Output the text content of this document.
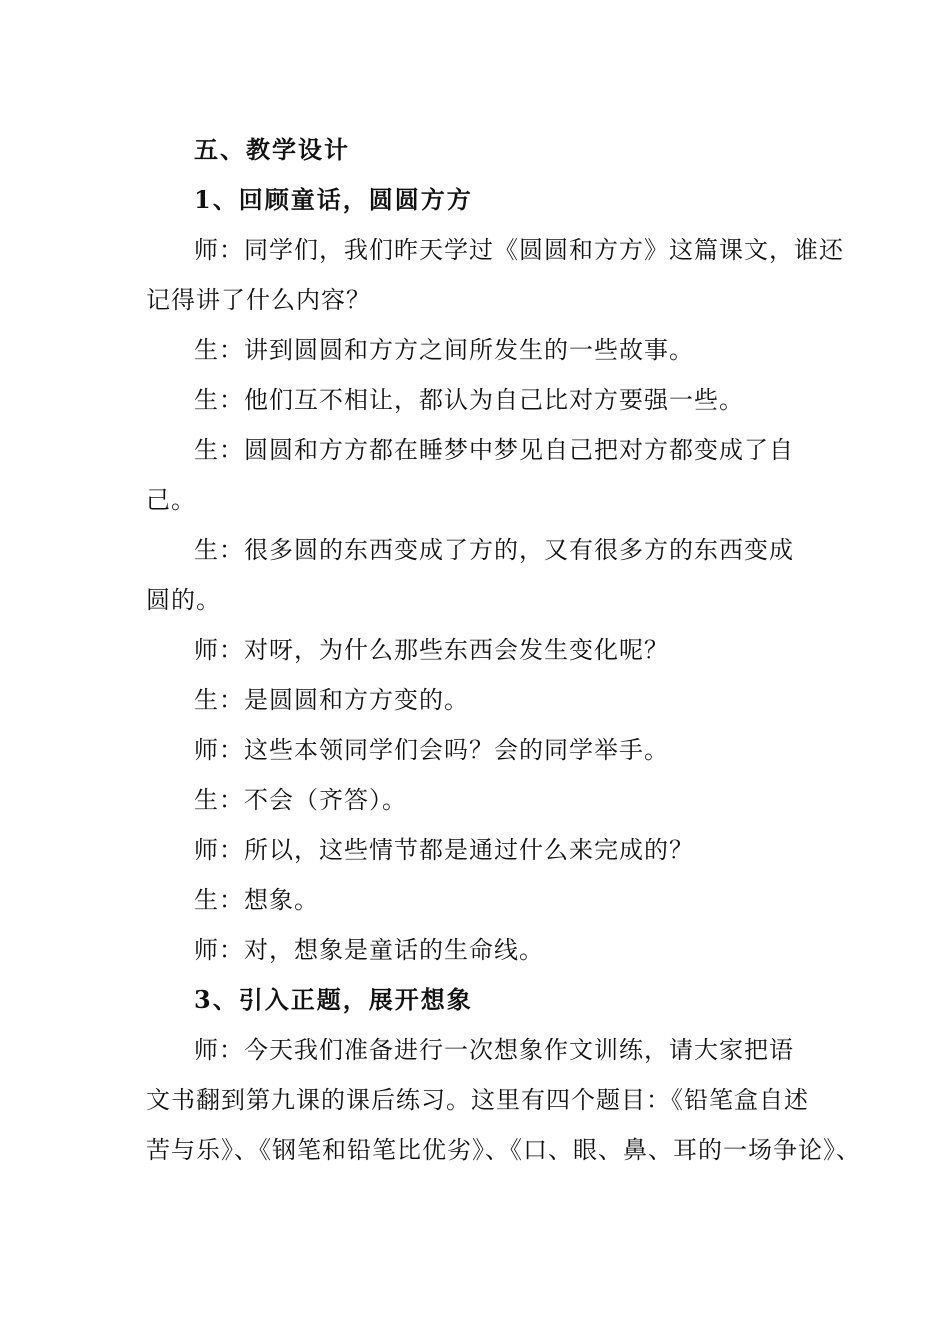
五、教学设计
1、回顾童话，圆圆方方
师：同学们，我们昨天学过《圆圆和方方》这篇课文，谁还
记得讲了什么内容？
生：讲到圆圆和方方之间所发生的一些故事。
生：他们互不相让，都认为自己比对方要强一些。
生：圆圆和方方都在睡梦中梦见自己把对方都变成了自
己。
生：很多圆的东西变成了方的，又有很多方的东西变成
圆的。
师：对呀，为什么那些东西会发生变化呢？
生：是圆圆和方方变的。
师：这些本领同学们会吗？会的同学举手。
生：不会（齐答）。
师：所以，这些情节都是通过什么来完成的？
生：想象。
师：对，想象是童话的生命线。
3、引入正题，展开想象
师：今天我们准备进行一次想象作文训练，请大家把语
文书翻到第九课的课后练习。这里有四个题目：《铅笔盒自述
苦与乐》、《钢笔和铅笔比优劣》、《口、眼、鼻、耳的一场争论》、
